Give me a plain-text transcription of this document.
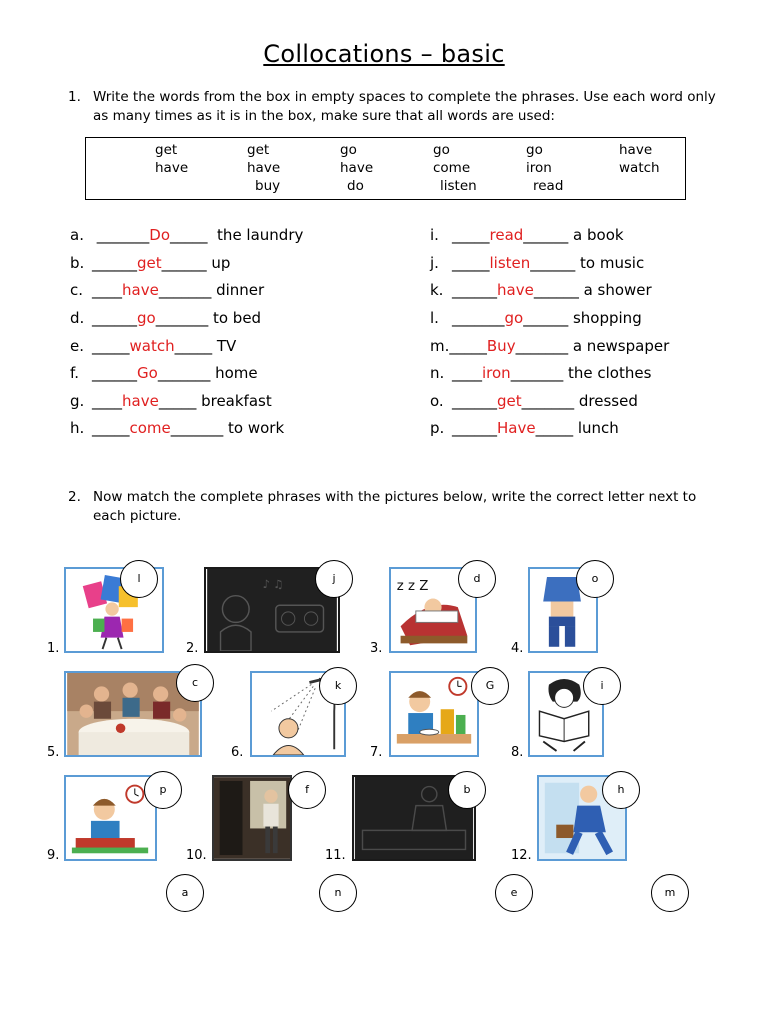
Collocations – basic
1. Write the words from the box in empty spaces to complete the phrases. Use each word only as many times as it is in the box, make sure that all words are used:
get	get	go	go	go	have
have	have	have	come	iron	watch
buy	do	listen	read
a. _______Do_____  the laundry
b. ______get______ up
c. ____have_______ dinner
d. ______go_______ to bed
e. _____watch_____ TV
f. ______Go_______ home
g. ____have_____ breakfast
h. _____come_______ to work
i. _____read______ a book
j. _____listen______ to music
k. ______have______ a shower
l. _______go______ shopping
m._____Buy_______ a newspaper
n. ____iron_______ the clothes
o. ______get_______ dressed
p. ______Have_____ lunch
2. Now match the complete phrases with the pictures below, write the correct letter next to each picture.
1.
l
2.
♪ ♫	j
3.
z z Z
d
4.
o
5.
c
6.
k
7.
G
8.
i
9.
p
10.
f
11.
b
12.
h
a	n	e	m
